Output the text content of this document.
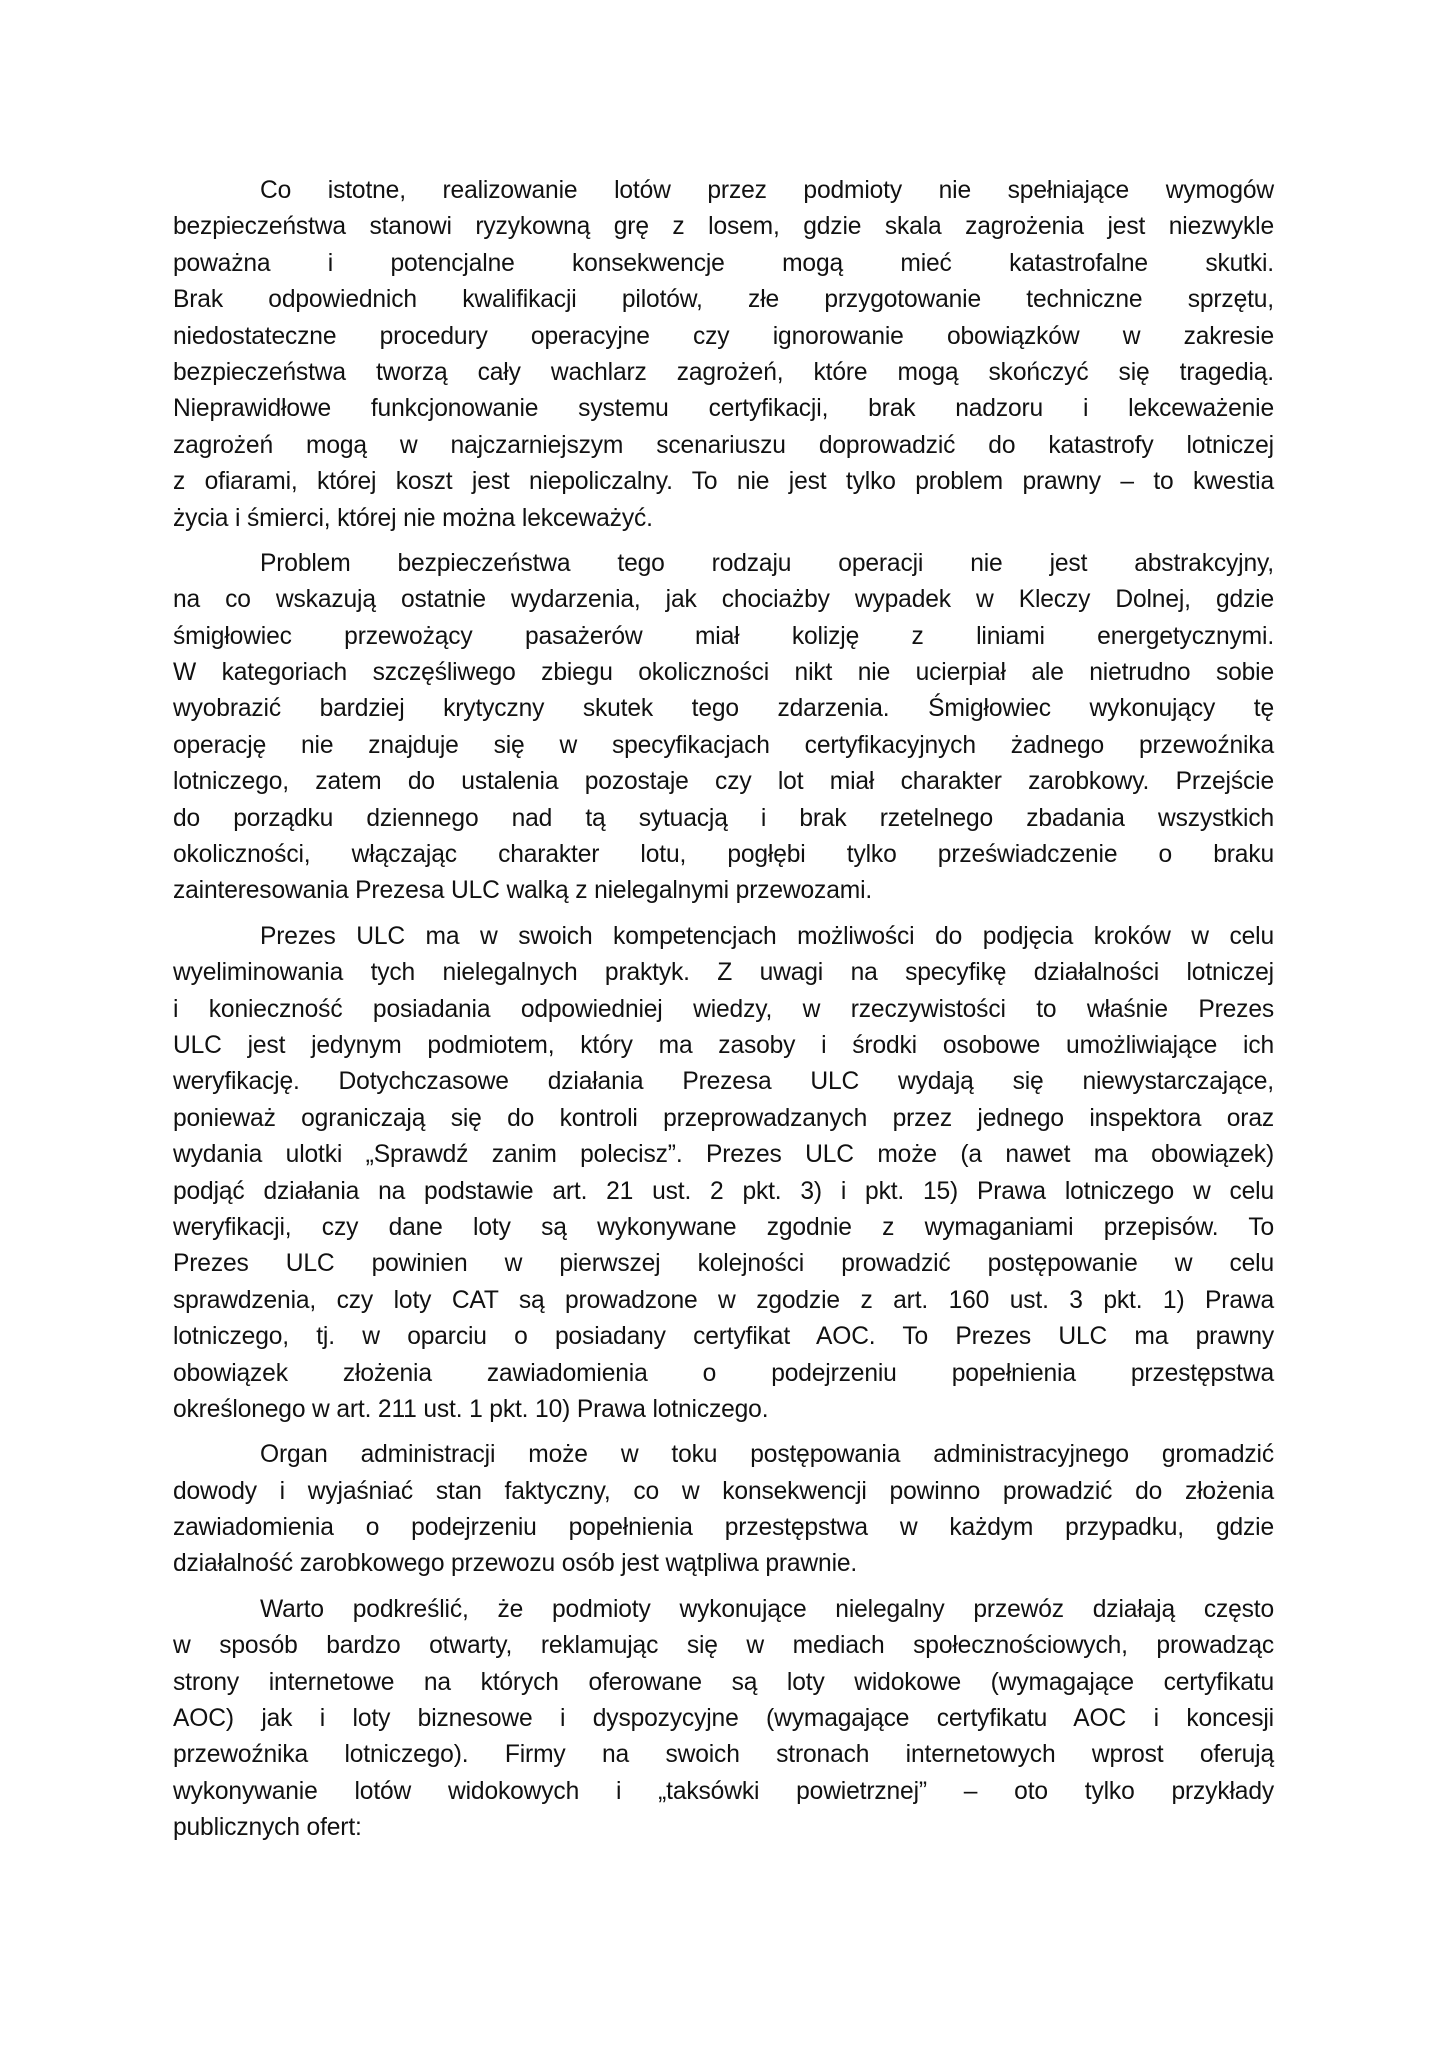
Co istotne, realizowanie lotów przez podmioty nie spełniające wymogów
bezpieczeństwa stanowi ryzykowną grę z losem, gdzie skala zagrożenia jest niezwykle
poważna i potencjalne konsekwencje mogą mieć katastrofalne skutki.
Brak odpowiednich kwalifikacji pilotów, złe przygotowanie techniczne sprzętu,
niedostateczne procedury operacyjne czy ignorowanie obowiązków w zakresie
bezpieczeństwa tworzą cały wachlarz zagrożeń, które mogą skończyć się tragedią.
Nieprawidłowe funkcjonowanie systemu certyfikacji, brak nadzoru i lekceważenie
zagrożeń mogą w najczarniejszym scenariuszu doprowadzić do katastrofy lotniczej
z ofiarami, której koszt jest niepoliczalny. To nie jest tylko problem prawny – to kwestia
życia i śmierci, której nie można lekceważyć.

Problem bezpieczeństwa tego rodzaju operacji nie jest abstrakcyjny,
na co wskazują ostatnie wydarzenia, jak chociażby wypadek w Kleczy Dolnej, gdzie
śmigłowiec przewożący pasażerów miał kolizję z liniami energetycznymi.
W kategoriach szczęśliwego zbiegu okoliczności nikt nie ucierpiał ale nietrudno sobie
wyobrazić bardziej krytyczny skutek tego zdarzenia. Śmigłowiec wykonujący tę
operację nie znajduje się w specyfikacjach certyfikacyjnych żadnego przewoźnika
lotniczego, zatem do ustalenia pozostaje czy lot miał charakter zarobkowy. Przejście
do porządku dziennego nad tą sytuacją i brak rzetelnego zbadania wszystkich
okoliczności, włączając charakter lotu, pogłębi tylko przeświadczenie o braku
zainteresowania Prezesa ULC walką z nielegalnymi przewozami.

Prezes ULC ma w swoich kompetencjach możliwości do podjęcia kroków w celu
wyeliminowania tych nielegalnych praktyk. Z uwagi na specyfikę działalności lotniczej
i konieczność posiadania odpowiedniej wiedzy, w rzeczywistości to właśnie Prezes
ULC jest jedynym podmiotem, który ma zasoby i środki osobowe umożliwiające ich
weryfikację. Dotychczasowe działania Prezesa ULC wydają się niewystarczające,
ponieważ ograniczają się do kontroli przeprowadzanych przez jednego inspektora oraz
wydania ulotki „Sprawdź zanim polecisz”. Prezes ULC może (a nawet ma obowiązek)
podjąć działania na podstawie art. 21 ust. 2 pkt. 3) i pkt. 15) Prawa lotniczego w celu
weryfikacji, czy dane loty są wykonywane zgodnie z wymaganiami przepisów. To
Prezes ULC powinien w pierwszej kolejności prowadzić postępowanie w celu
sprawdzenia, czy loty CAT są prowadzone w zgodzie z art. 160 ust. 3 pkt. 1) Prawa
lotniczego, tj. w oparciu o posiadany certyfikat AOC. To Prezes ULC ma prawny
obowiązek złożenia zawiadomienia o podejrzeniu popełnienia przestępstwa
określonego w art. 211 ust. 1 pkt. 10) Prawa lotniczego.

Organ administracji może w toku postępowania administracyjnego gromadzić
dowody i wyjaśniać stan faktyczny, co w konsekwencji powinno prowadzić do złożenia
zawiadomienia o podejrzeniu popełnienia przestępstwa w każdym przypadku, gdzie
działalność zarobkowego przewozu osób jest wątpliwa prawnie.

Warto podkreślić, że podmioty wykonujące nielegalny przewóz działają często
w sposób bardzo otwarty, reklamując się w mediach społecznościowych, prowadząc
strony internetowe na których oferowane są loty widokowe (wymagające certyfikatu
AOC) jak i loty biznesowe i dyspozycyjne (wymagające certyfikatu AOC i koncesji
przewoźnika lotniczego). Firmy na swoich stronach internetowych wprost oferują
wykonywanie lotów widokowych i „taksówki powietrznej” – oto tylko przykłady
publicznych ofert:
